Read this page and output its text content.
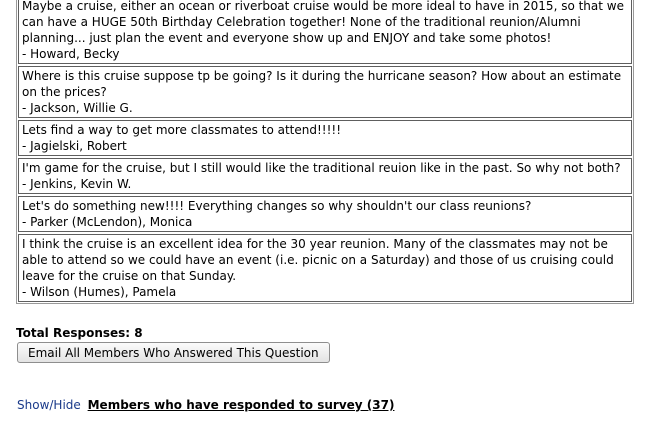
Maybe a cruise, either an ocean or riverboat cruise would be more ideal to have in 2015, so that we can have a HUGE 50th Birthday Celebration together! None of the traditional reunion/Alumni planning... just plan the event and everyone show up and ENJOY and take some photos!
- Howard, Becky
Where is this cruise suppose tp be going? Is it during the hurricane season? How about an estimate on the prices?
- Jackson, Willie G.
Lets find a way to get more classmates to attend!!!!!
- Jagielski, Robert
I'm game for the cruise, but I still would like the traditional reuion like in the past. So why not both?
- Jenkins, Kevin W.
Let's do something new!!!! Everything changes so why shouldn't our class reunions?
- Parker (McLendon), Monica
I think the cruise is an excellent idea for the 30 year reunion. Many of the classmates may not be able to attend so we could have an event (i.e. picnic on a Saturday) and those of us cruising could leave for the cruise on that Sunday.
- Wilson (Humes), Pamela
Total Responses: 8
Email All Members Who Answered This Question
Show/Hide Members who have responded to survey (37)
